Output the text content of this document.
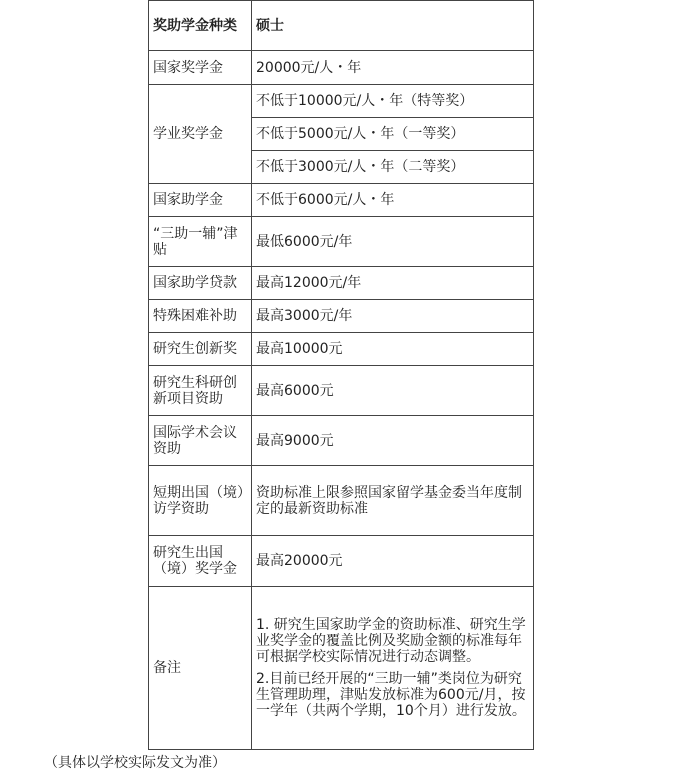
奖助学金种类	硕士
国家奖学金	20000元/人・年
学业奖学金	不低于10000元/人・年（特等奖）
	不低于5000元/人・年（一等奖）
	不低于3000元/人・年（二等奖）
国家助学金	不低于6000元/人・年
“三助一辅”津贴	最低6000元/年
国家助学贷款	最高12000元/年
特殊困难补助	最高3000元/年
研究生创新奖	最高10000元
研究生科研创新项目资助	最高6000元
国际学术会议资助	最高9000元
短期出国（境）访学资助	资助标准上限参照国家留学基金委当年度制定的最新资助标准
研究生出国（境）奖学金	最高20000元
备注	1. 研究生国家助学金的资助标准、研究生学业奖学金的覆盖比例及奖励金额的标准每年可根据学校实际情况进行动态调整。

2.目前已经开展的“三助一辅”类岗位为研究生管理助理，津贴发放标准为600元/月，按一学年（共两个学期，10个月）进行发放。

（具体以学校实际发文为准）
